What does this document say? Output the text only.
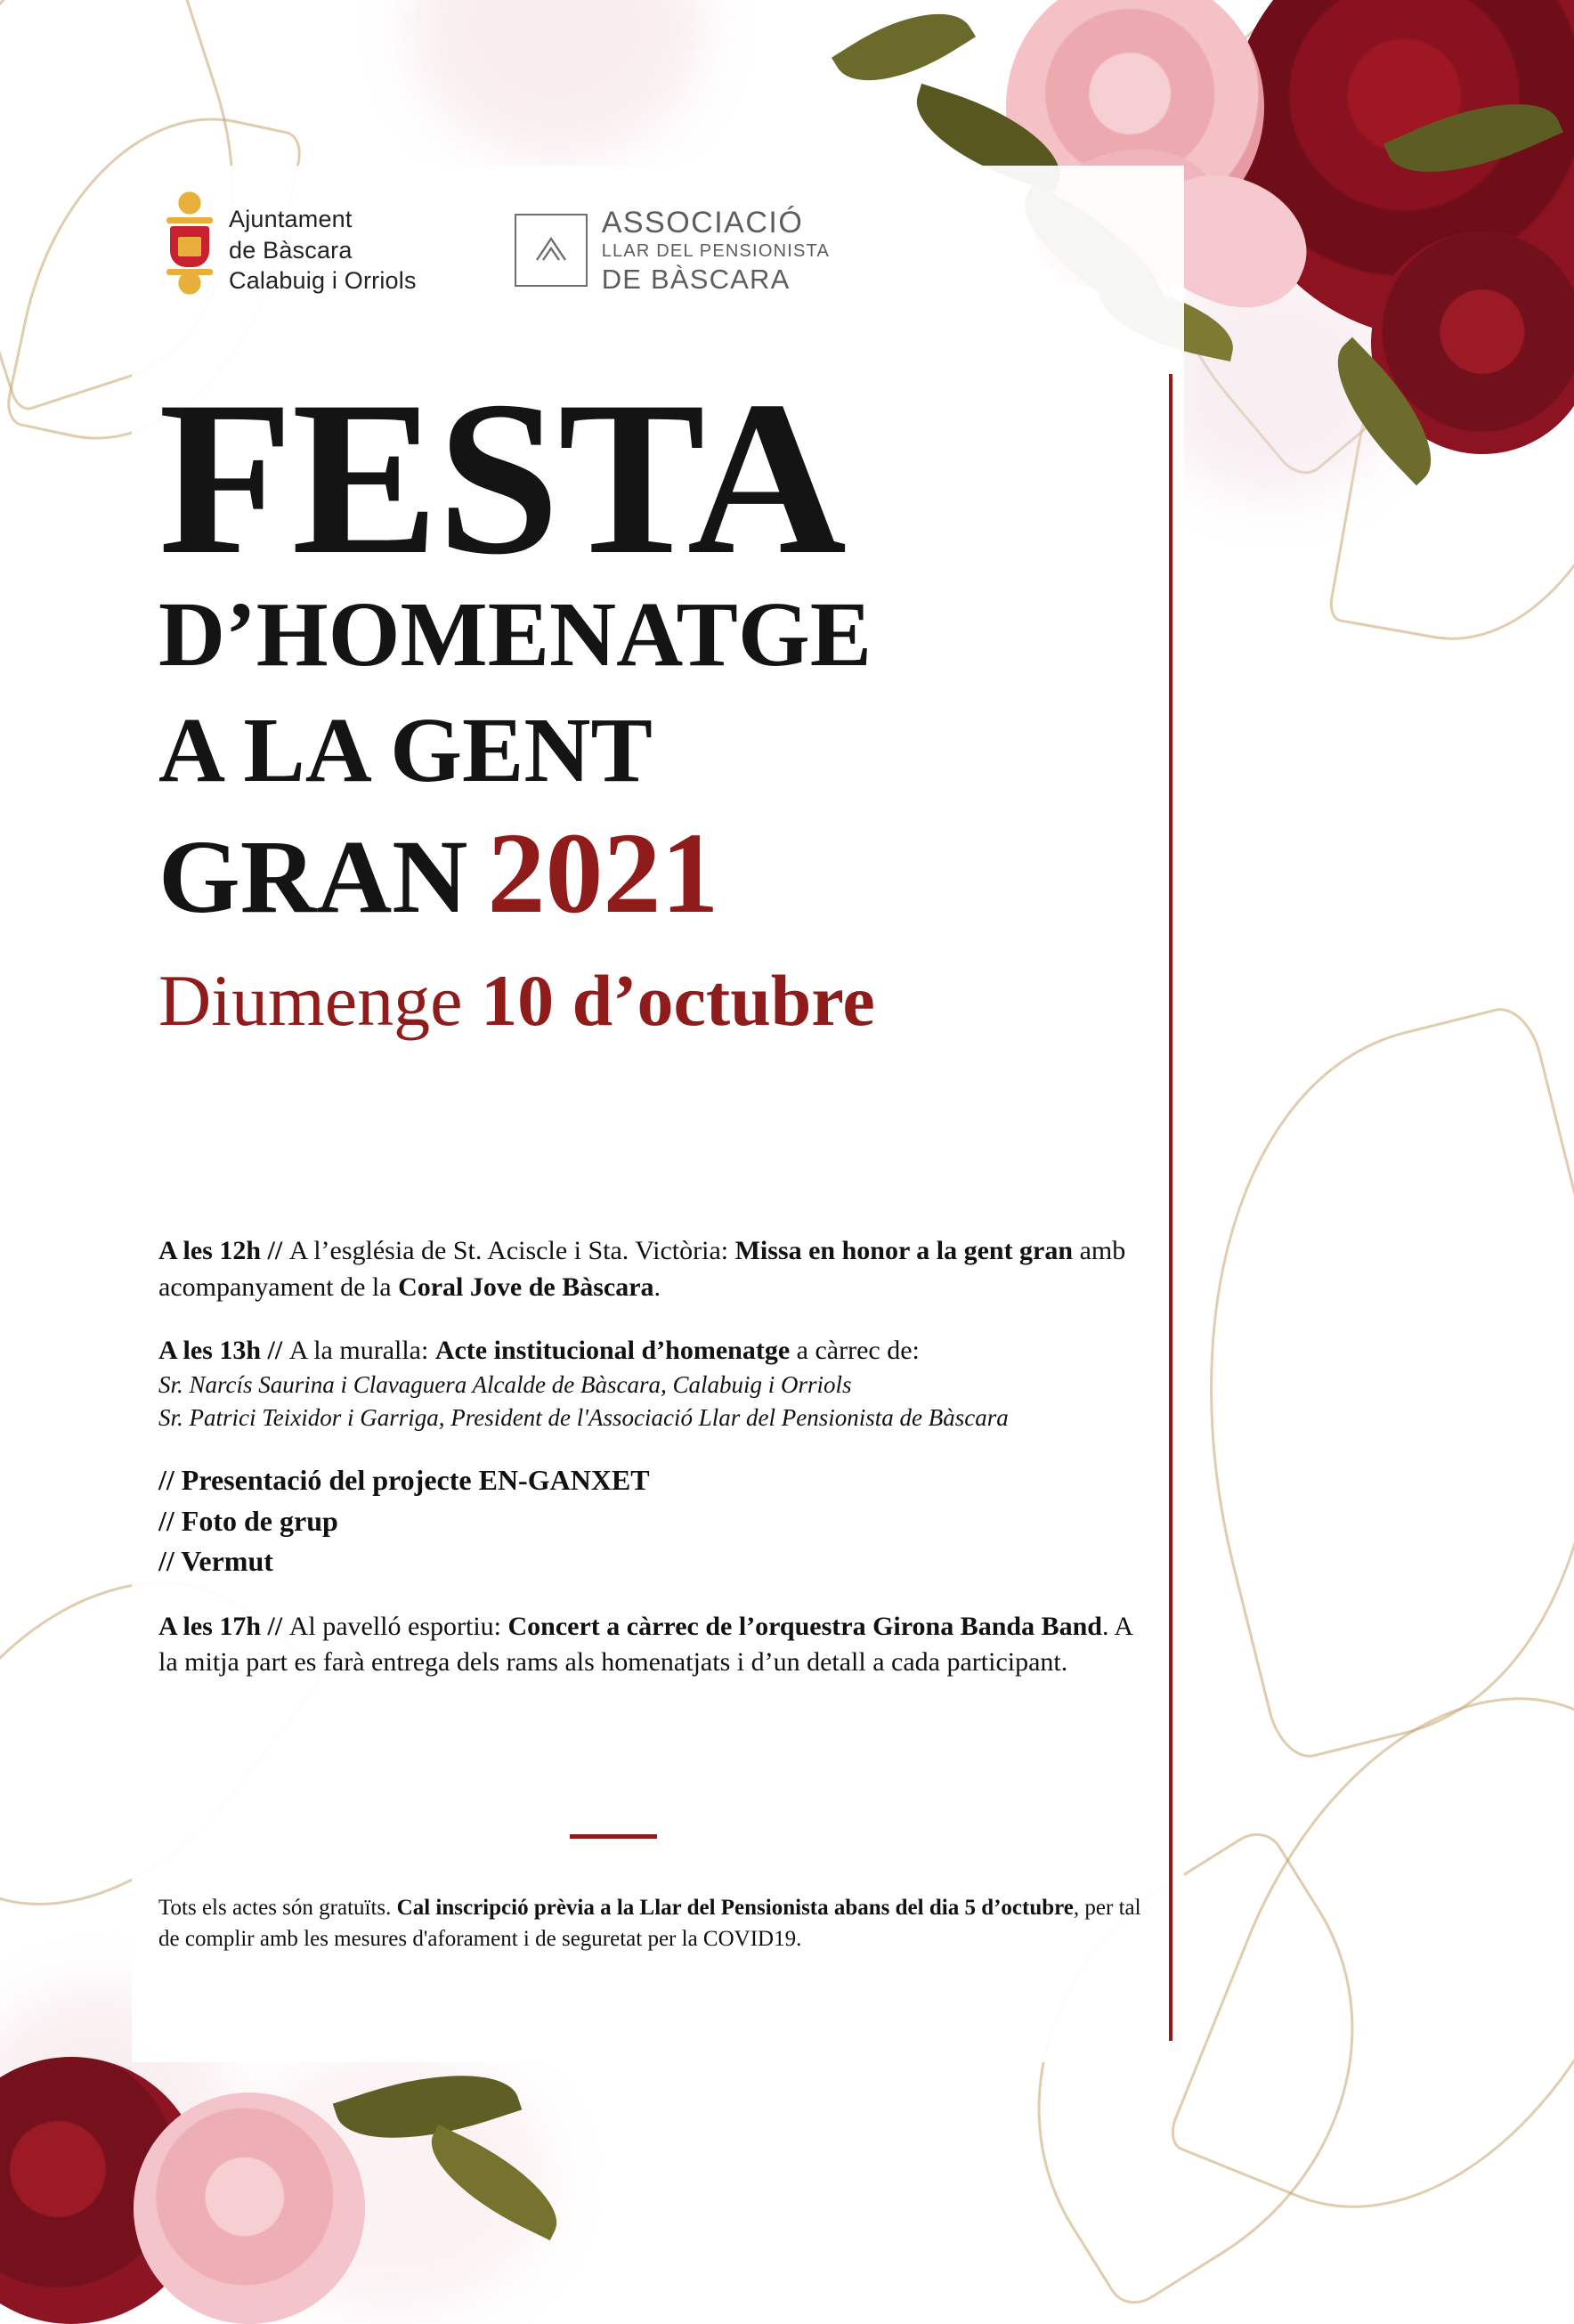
Ajuntament
de Bàscara
Calabuig i Orriols
ASSOCIACIÓ
LLAR DEL PENSIONISTA
DE BÀSCARA
FESTA
D’HOMENATGE
A LA GENT
GRAN 2021
Diumenge 10 d’octubre
A les 12h // A l’església de St. Aciscle i Sta. Victòria: Missa en honor a la gent gran amb acompanyament de la Coral Jove de Bàscara.
A les 13h // A la muralla: Acte institucional d’homenatge a càrrec de:
Sr. Narcís Saurina i Clavaguera Alcalde de Bàscara, Calabuig i Orriols
Sr. Patrici Teixidor i Garriga, President de l'Associació Llar del Pensionista de Bàscara
// Presentació del projecte EN-GANXET
// Foto de grup
// Vermut
A les 17h // Al pavelló esportiu: Concert a càrrec de l’orquestra Girona Banda Band. A la mitja part es farà entrega dels rams als homenatjats i d’un detall a cada participant.
Tots els actes són gratuïts. Cal inscripció prèvia a la Llar del Pensionista abans del dia 5 d’octubre, per tal de complir amb les mesures d'aforament i de seguretat per la COVID19.
